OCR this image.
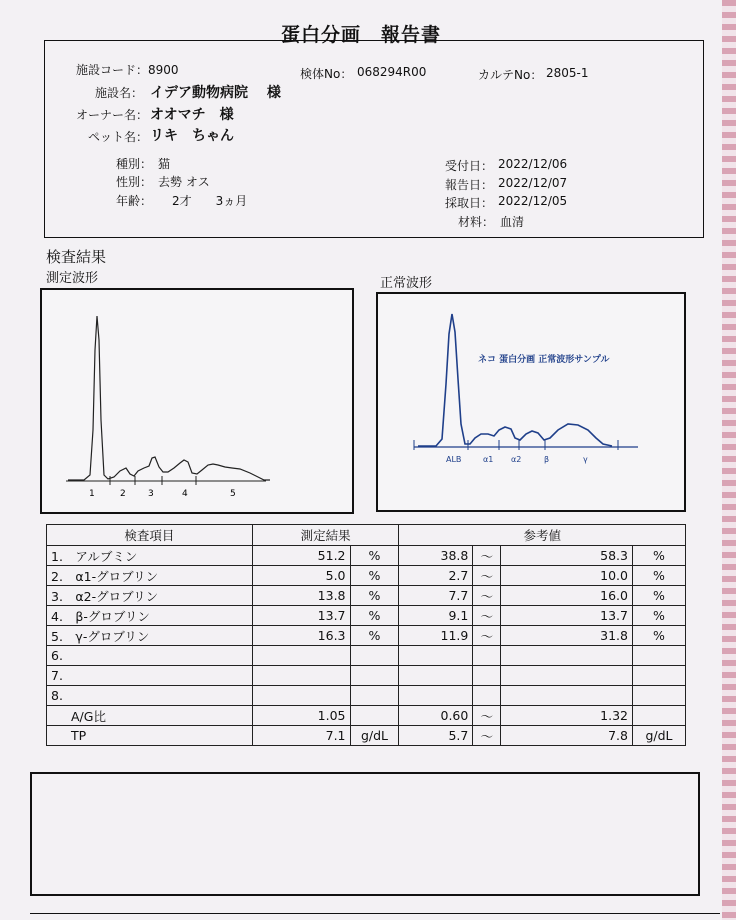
蛋白分画　報告書
施設コード： 8900	検体No： 068294R00	カルテNo： 2805-1
施設名： イデア動物病院　 様
オーナー名： オオマチ　様
ペット名： リキ　ちゃん
種別： 猫
性別： 去勢 オス
年齢： 2才　　3ヵ月
受付日： 2022/12/06
報告日： 2022/12/07
採取日： 2022/12/05
材料： 血清
検査結果
測定波形	正常波形
1	2 3	4	5
ネコ 蛋白分画 正常波形サンプル
ALB	α1 α2	β	γ
検査項目	測定結果		参考値			
1.　アルブミン	51.2	%	38.8	～	58.3	%
2.　α1-グロブリン	5.0	%	2.7	～	10.0	%
3.　α2-グロブリン	13.8	%	7.7	～	16.0	%
4.　β-グロブリン	13.7	%	9.1	～	13.7	%
5.　γ-グロブリン	16.3	%	11.9	～	31.8	%
6.						
7.						
8.						
A/G比	1.05		0.60	～	1.32	
TP	7.1	g/dL	5.7	～	7.8	g/dL
